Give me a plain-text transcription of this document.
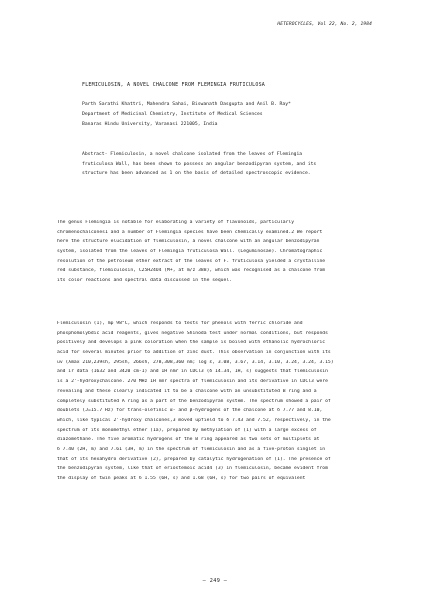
HETEROCYCLES, Vol 22, No. 2, 1984
FLEMICULOSIN, A NOVEL CHALCONE FROM FLEMINGIA FRUTICULOSA
Parth Sarathi Khattri, Mahendra Sahai, Biswanath Dasgupta and Anil B. Ray*
Department of Medicinal Chemistry, Institute of Medical Sciences
Banaras Hindu University, Varanasi 221005, India
Abstract- Flemiculosin, a novel chalcone isolated from the leaves of Flemingia
fruticulosa Wall, has been shown to possess an angular benzodipyran system, and its
structure has been advanced as 1 on the basis of detailed spectroscopic evidence.
The genus Flemingia is notable for elaborating a variety of flavonoids, particularly
chromenochalcones1 and a number of Flemingia species have been chemically examined.2 We report
here the structure elucidation of flemiculosin, a novel chalcone with an angular benzodipyran
system, isolated from the leaves of Flemingia fruticulosa Wall. (Leguminosae). Chromatographic
resolution of the petroleum ether extract of the leaves of F. fruticulosa yielded a crystalline
red substance, flemiculosin, C25H24O4 (M+, at m/z 388), which was recognised as a chalcone from
its color reactions and spectral data discussed in the sequel.
Flemiculosin (1), mp 98°C, which responds to tests for phenols with ferric chloride and
phosphomolybdic acid reagents, gives negative Shinoda test under normal conditions, but responds
positively and develops a pink coloration when the sample is boiled with ethanolic hydrochloric
acid for several minutes prior to addition of zinc dust. This observation in conjunction with its
uv (λmax 210,239sh, 295sh, 266sh, 278,308,360 nm; log ε, 3.08, 3.67, 3.14, 3.10, 3.24, 3.24, 3.15)
and ir data (1632 and 3420 cm-1) and 1H nmr in CDCl3 (δ 14.34, 1H, s) suggests that flemiculosin
is a 2'-hydroxychalcone. 270 MHz 1H nmr spectra of flemiculosin and its derivative in CDCl3 were
revealing and these clearly indicated it to be a chalcone with an unsubstituted B ring and a
completely substituted A ring as a part of the benzodipyran system. The spectrum showed a pair of
doublets (J=15.7 Hz) for trans-olefinic α- and β-hydrogens of the chalcone at δ 7.77 and 8.10,
which, like typical 2'-hydroxy chalcones,3 moved upfield to δ 7.43 and 7.52, respectively, in the
spectrum of its monomethyl ether (1a), prepared by methylation of (1) with a large excess of
diazomethane. The five aromatic hydrogens of the B ring appeared as two sets of multiplets at
δ 7.40 (2H, m) and 7.61 (3H, m) in the spectrum of flemiculosin and as a five-proton singlet in
that of its hexahydro derivative (2), prepared by catalytic hydrogenation of (1). The presence of
the benzodipyran system, like that of eriostemoic acid4 (3) in flemiculosin, became evident from
the display of twin peaks at δ 1.55 (6H, s) and 1.68 (6H, s) for two pairs of equivalent
— 249 —
